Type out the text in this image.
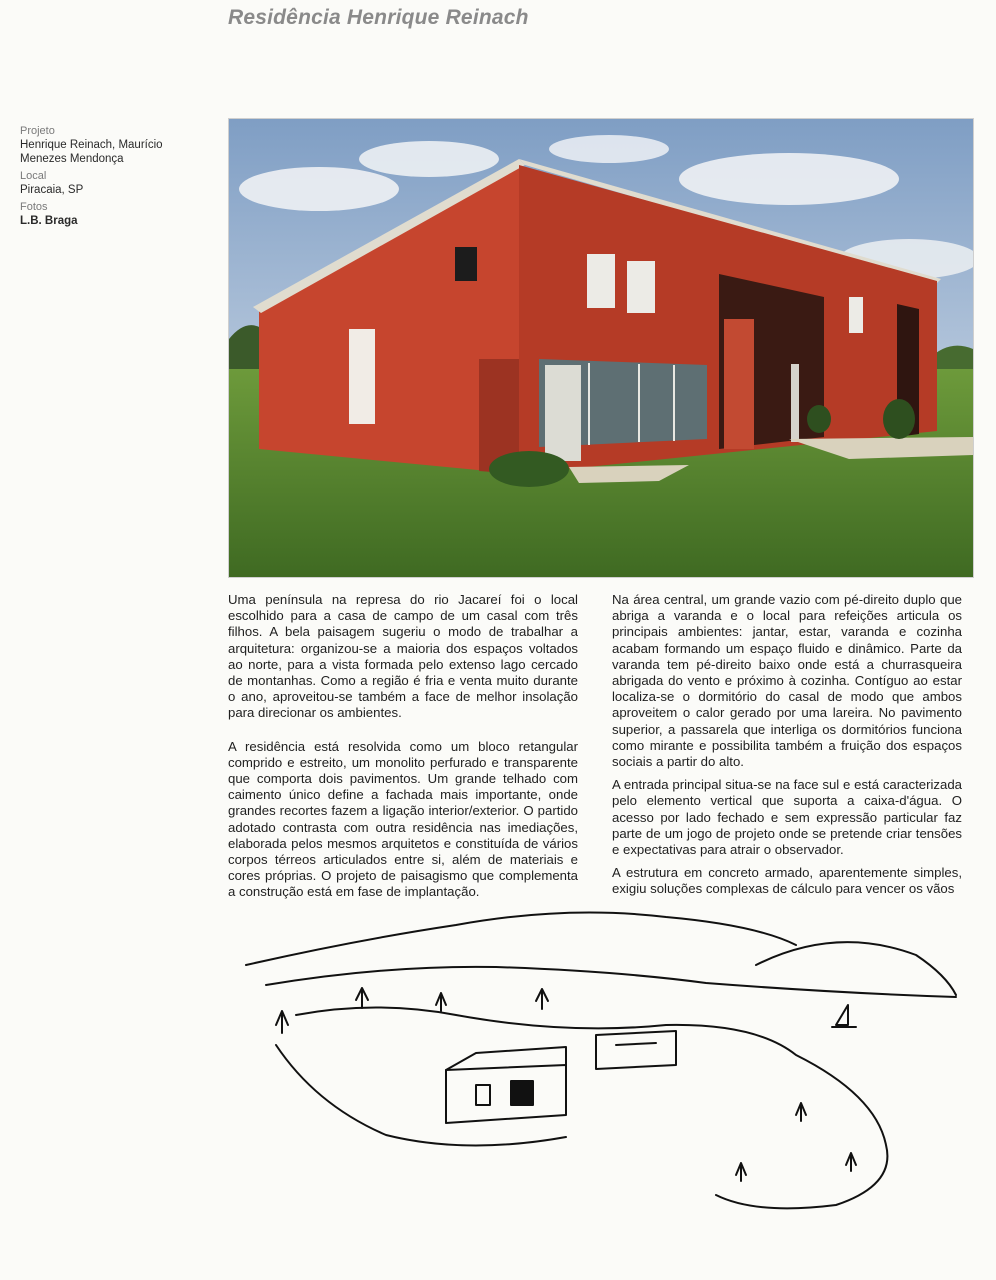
Residência Henrique Reinach
Projeto
Henrique Reinach, Maurício
Menezes Mendonça
Local
Piracaia, SP
Fotos
L.B. Braga

Uma península na represa do rio Jacareí foi o local escolhido para a casa de campo de um casal com três filhos. A bela paisagem sugeriu o modo de trabalhar a arquitetura: organizou-se a maioria dos espaços voltados ao norte, para a vista formada pelo extenso lago cercado de montanhas. Como a região é fria e venta muito durante o ano, aproveitou-se também a face de melhor insolação para direcionar os ambientes.

A residência está resolvida como um bloco retangular comprido e estreito, um monolito perfurado e transparente que comporta dois pavimentos. Um grande telhado com caimento único define a fachada mais importante, onde grandes recortes fazem a ligação interior/exterior. O partido adotado contrasta com outra residência nas imediações, elaborada pelos mesmos arquitetos e constituída de vários corpos térreos articulados entre si, além de materiais e cores próprias. O projeto de paisagismo que complementa a construção está em fase de implantação.

Na área central, um grande vazio com pé-direito duplo que abriga a varanda e o local para refeições articula os principais ambientes: jantar, estar, varanda e cozinha acabam formando um espaço fluido e dinâmico. Parte da varanda tem pé-direito baixo onde está a churrasqueira abrigada do vento e próximo à cozinha. Contíguo ao estar localiza-se o dormitório do casal de modo que ambos aproveitem o calor gerado por uma lareira. No pavimento superior, a passarela que interliga os dormitórios funciona como mirante e possibilita também a fruição dos espaços sociais a partir do alto.

A entrada principal situa-se na face sul e está caracterizada pelo elemento vertical que suporta a caixa-d'água. O acesso por lado fechado e sem expressão particular faz parte de um jogo de projeto onde se pretende criar tensões e expectativas para atrair o observador.

A estrutura em concreto armado, aparentemente simples, exigiu soluções complexas de cálculo para vencer os vãos
